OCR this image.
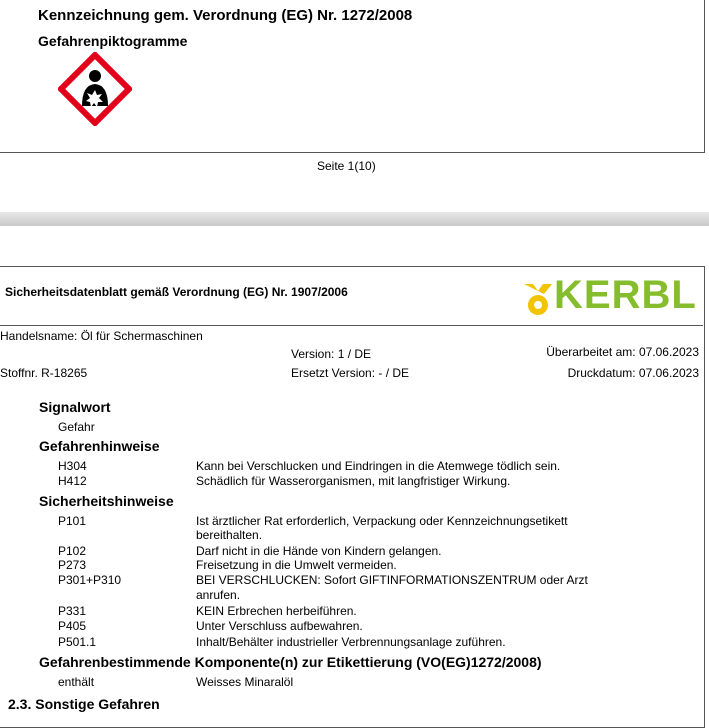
Kennzeichnung gem. Verordnung (EG) Nr. 1272/2008
Gefahrenpiktogramme
Seite 1(10)
Sicherheitsdatenblatt gemäß Verordnung (EG) Nr. 1907/2006	KERBL
Handelsname: Öl für Schermaschinen
Version: 1 / DE	Überarbeitet am: 07.06.2023
Stoffnr. R-18265	Ersetzt Version: - / DE	Druckdatum: 07.06.2023
Signalwort
Gefahr
Gefahrenhinweise
H304	Kann bei Verschlucken und Eindringen in die Atemwege tödlich sein.
H412	Schädlich für Wasserorganismen, mit langfristiger Wirkung.
Sicherheitshinweise
P101	Ist ärztlicher Rat erforderlich, Verpackung oder Kennzeichnungsetikett
bereithalten.
P102	Darf nicht in die Hände von Kindern gelangen.
P273	Freisetzung in die Umwelt vermeiden.
P301+P310	BEI VERSCHLUCKEN: Sofort GIFTINFORMATIONSZENTRUM oder Arzt
anrufen.
P331	KEIN Erbrechen herbeiführen.
P405	Unter Verschluss aufbewahren.
P501.1	Inhalt/Behälter industrieller Verbrennungsanlage zuführen.
Gefahrenbestimmende Komponente(n) zur Etikettierung (VO(EG)1272/2008)
enthält	Weisses Minaralöl
2.3. Sonstige Gefahren
